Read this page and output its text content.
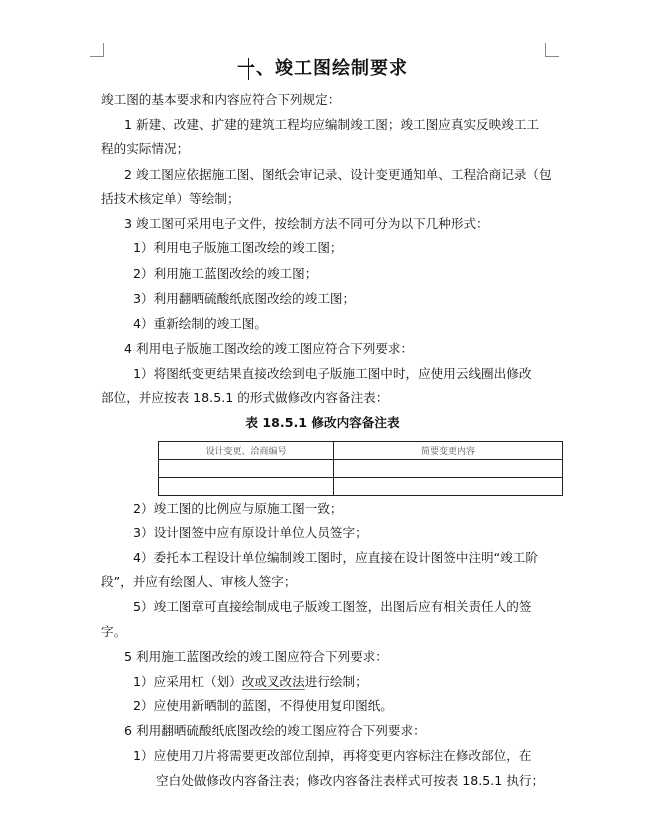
一、竣工图绘制要求
竣工图的基本要求和内容应符合下列规定：
1 新建、改建、扩建的建筑工程均应编制竣工图；竣工图应真实反映竣工工
程的实际情况；
2 竣工图应依据施工图、图纸会审记录、设计变更通知单、工程洽商记录（包
括技术核定单）等绘制；
3 竣工图可采用电子文件，按绘制方法不同可分为以下几种形式：
1）利用电子版施工图改绘的竣工图；
2）利用施工蓝图改绘的竣工图；
3）利用翻晒硫酸纸底图改绘的竣工图；
4）重新绘制的竣工图。
4 利用电子版施工图改绘的竣工图应符合下列要求：
1）将图纸变更结果直接改绘到电子版施工图中时，应使用云线圈出修改
部位，并应按表 18.5.1 的形式做修改内容备注表：
表 18.5.1 修改内容备注表
设计变更、洽商编号	简要变更内容

2）竣工图的比例应与原施工图一致；
3）设计图签中应有原设计单位人员签字；
4）委托本工程设计单位编制竣工图时，应直接在设计图签中注明“竣工阶
段”，并应有绘图人、审核人签字；
5）竣工图章可直接绘制成电子版竣工图签，出图后应有相关责任人的签
字。
5 利用施工蓝图改绘的竣工图应符合下列要求：
1）应采用杠（划）改或叉改法进行绘制；
2）应使用新晒制的蓝图，不得使用复印图纸。
6 利用翻晒硫酸纸底图改绘的竣工图应符合下列要求：
1）应使用刀片将需要更改部位刮掉，再将变更内容标注在修改部位，在
空白处做修改内容备注表；修改内容备注表样式可按表 18.5.1 执行；
